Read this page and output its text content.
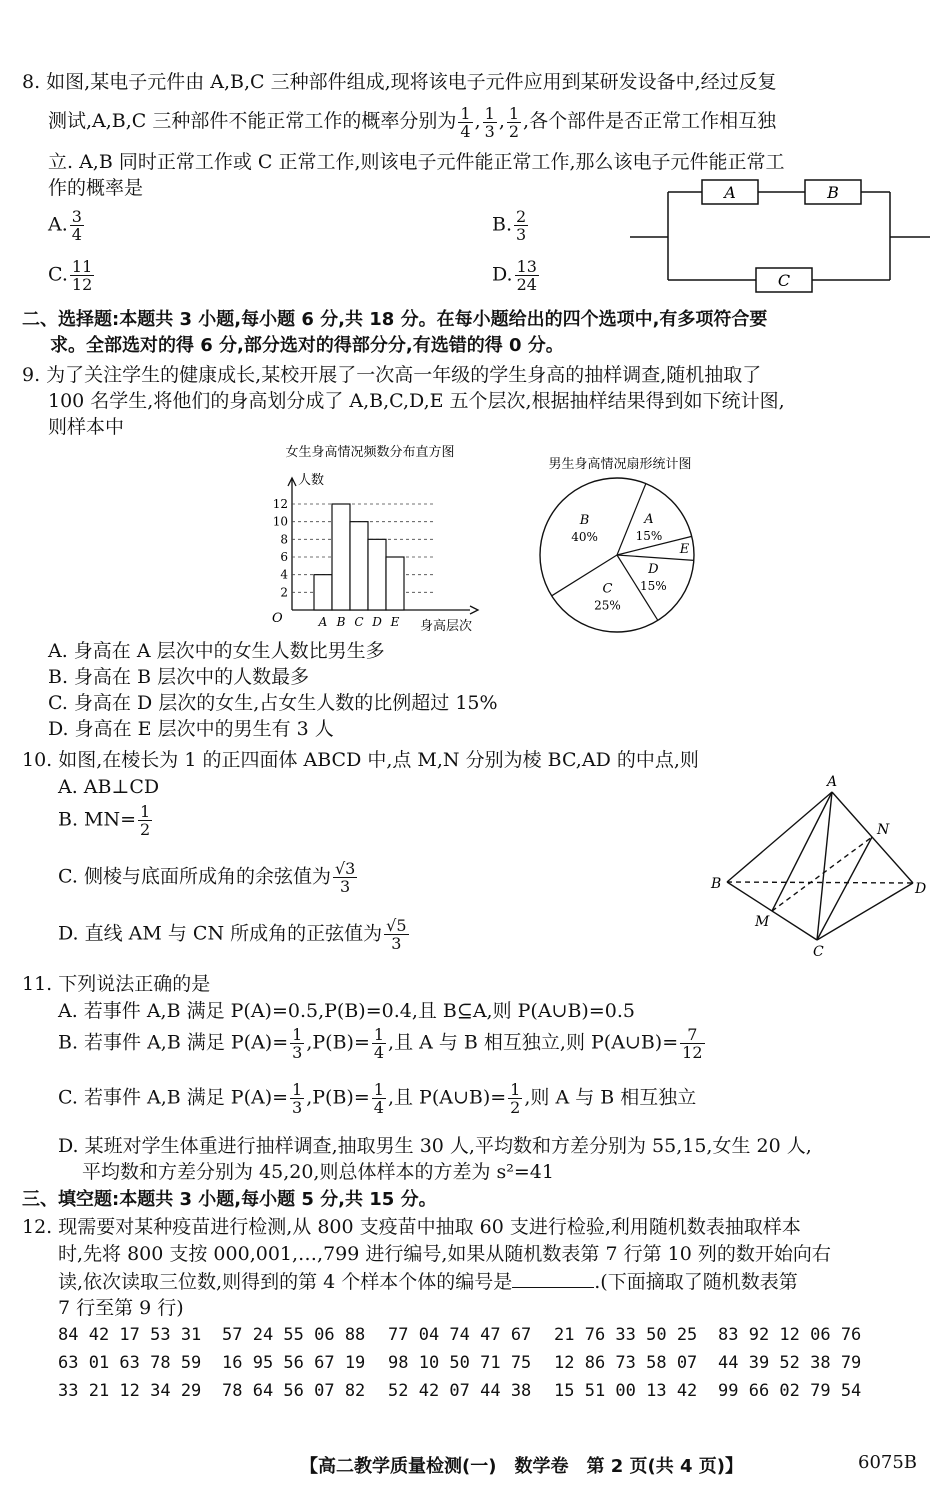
8. 如图,某电子元件由 A,B,C 三种部件组成,现将该电子元件应用到某研发设备中,经过反复
测试,A,B,C 三种部件不能正常工作的概率分别为 $\frac{1}{4}$ , $\frac{1}{3}$ , $\frac{1}{2}$ ,各个部件是否正常工作相互独
立. A,B 同时正常工作或 C 正常工作,则该电子元件能正常工作,那么该电子元件能正常工
作的概率是
A. $\frac{3}{4}$	B. $\frac{2}{3}$
C. $\frac{11}{12}$	D. $\frac{13}{24}$
A	B
C
二、选择题:本题共 3 小题,每小题 6 分,共 18 分。在每小题给出的四个选项中,有多项符合要
求。全部选对的得 6 分,部分选对的得部分分,有选错的得 0 分。
9. 为了关注学生的健康成长,某校开展了一次高一年级的学生身高的抽样调查,随机抽取了
100 名学生,将他们的身高划分成了 A,B,C,D,E 五个层次,根据抽样结果得到如下统计图,
则样本中
女生身高情况频数分布直方图
人数
身高层次
O
2
4
6
8
10
12
A B C D E
男生身高情况扇形统计图
A
15%
E
D
15%
C
25%
B
40%
A. 身高在 A 层次中的女生人数比男生多
B. 身高在 B 层次中的人数最多
C. 身高在 D 层次的女生,占女生人数的比例超过 15%
D. 身高在 E 层次中的男生有 3 人
10. 如图,在棱长为 1 的正四面体 ABCD 中,点 M,N 分别为棱 BC,AD 的中点,则
A. AB⊥CD
B. $MN= \frac{1}{2}$
C. 侧棱与底面所成角的余弦值为 $\frac{√3}{3}$
D. 直线 AM 与 CN 所成角的正弦值为 $\frac{√5}{3}$
A
B
C
D
M
N
11. 下列说法正确的是
A. 若事件 A,B 满足 P(A)=0.5,P(B)=0.4,且 B⊆A,则 P(A∪B)=0.5
B. 若事件 A,B 满足 $P(A)= \frac{1}{3} ,P(B)= \frac{1}{4}$ ,且 A 与 B 相互独立,则 P(A∪B)= $\frac{7}{12}$
C. 若事件 A,B 满足 $P(A)= \frac{1}{3} ,P(B)= \frac{1}{4}$ ,且 P(A∪B)= $\frac{1}{2}$ ,则 A 与 B 相互独立
D. 某班对学生体重进行抽样调查,抽取男生 30 人,平均数和方差分别为 55,15,女生 20 人,
平均数和方差分别为 45,20,则总体样本的方差为 s²=41
三、填空题:本题共 3 小题,每小题 5 分,共 15 分。
12. 现需要对某种疫苗进行检测,从 800 支疫苗中抽取 60 支进行检验,利用随机数表抽取样本
时,先将 800 支按 000,001,…,799 进行编号,如果从随机数表第 7 行第 10 列的数开始向右
读,依次读取三位数,则得到的第 4 个样本个体的编号是	.(下面摘取了随机数表第
7 行至第 9 行)
84 42 17 53 31 57 24 55 06 88 77 04 74 47 67 21 76 33 50 25 83 92 12 06 76
63 01 63 78 59 16 95 56 67 19 98 10 50 71 75 12 86 73 58 07 44 39 52 38 79
33 21 12 34 29 78 64 56 07 82 52 42 07 44 38 15 51 00 13 42 99 66 02 79 54
【高二教学质量检测(一)　数学卷　第 2 页(共 4 页)】	6075B
